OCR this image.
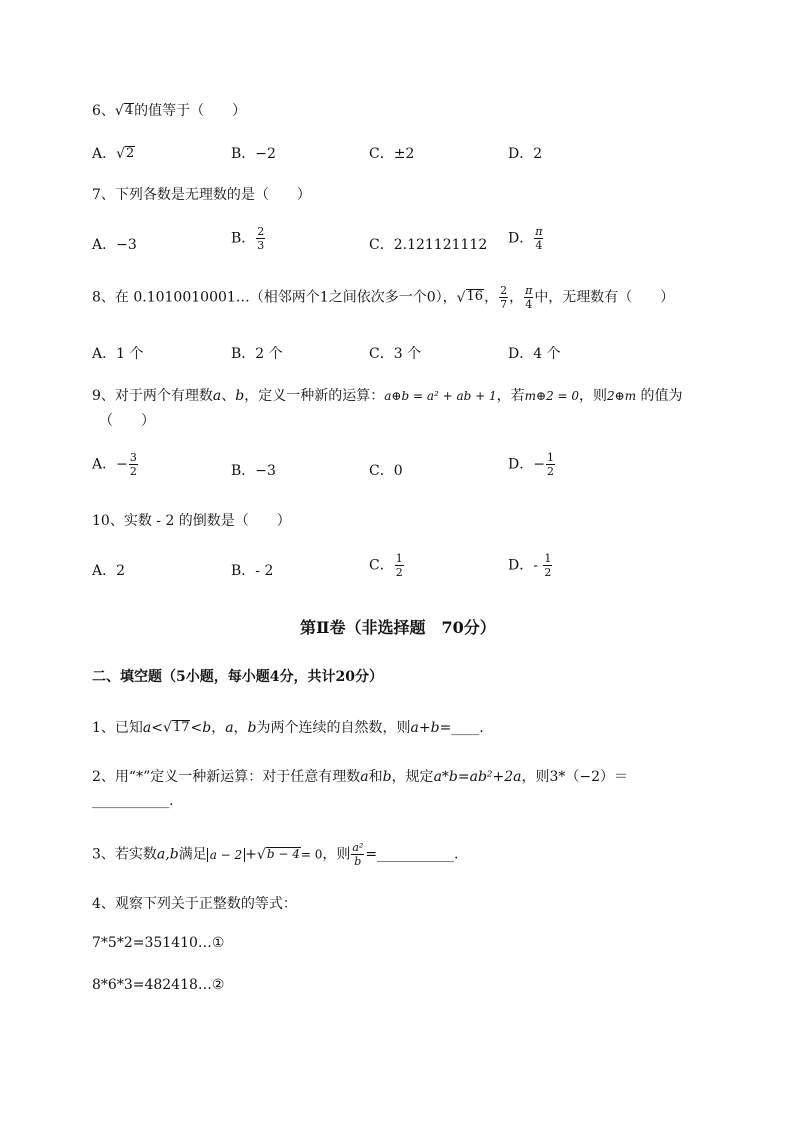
6、 √ 4 的值等于（　　）
A． √ 2	B．−2	C．±2	D．2
7、下列各数是无理数的是（　　）
A．−3	B． $\frac{2}{3}$	C．2.121121112 D． $\frac{\pi}{4}$
8、在 0.1010010001…（相邻两个1之间依次多一个0）， √ 16 ， $\frac{2}{7}$ ， $\frac{\pi}{4}$ 中，无理数有（　　）
A．1 个	B．2 个	C．3 个	D．4 个
9、对于两个有理数a、b，定义一种新的运算：a⊕b = a² + ab + 1，若m⊕2 = 0，则2⊕m 的值为
（　　）
A．− $\frac{3}{2}$	B．−3	C．0	D．− $\frac{1}{2}$
10、实数 - 2 的倒数是（　　）
A．2	B．- 2	C． $\frac{1}{2}$	D．- $\frac{1}{2}$
第Ⅱ卷（非选择题　70分）
二、填空题（5小题，每小题4分，共计20分）
1、已知a< √ 17 <b，a，b为两个连续的自然数，则a+b=____.
2、用“*”定义一种新运算：对于任意有理数a和b，规定a*b=ab²+2a，则3*（−2）＝
___________.
3、若实数a,b满足 a − 2 + √ b − 4 = 0，则 $\frac{\text{a²}}{b}$ =___________.
4、观察下列关于正整数的等式：
7*5*2=351410…①
8*6*3=482418…②
